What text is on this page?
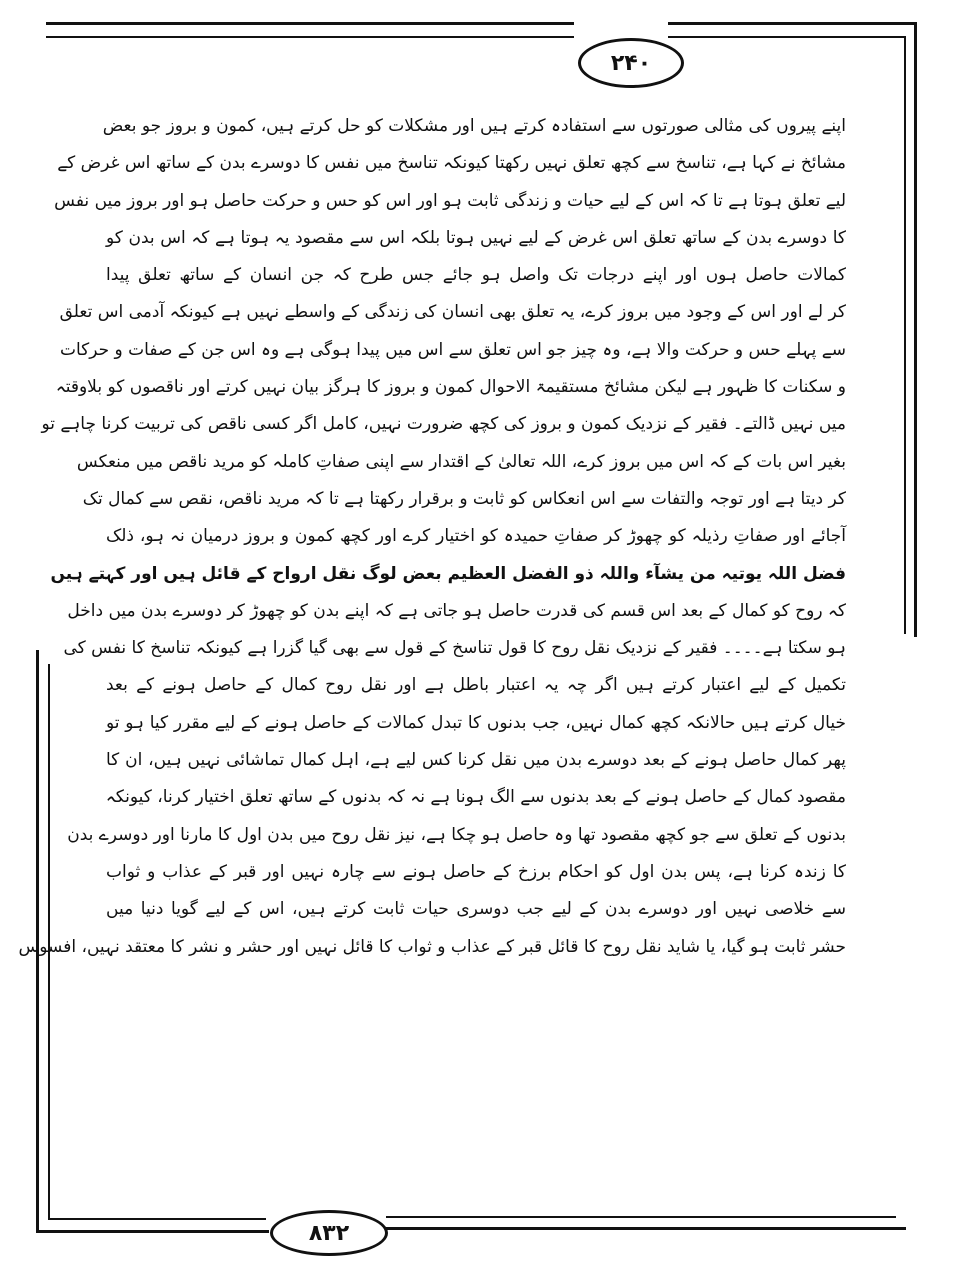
۲۴۰
اپنے پیروں کی مثالی صورتوں سے استفادہ کرتے ہیں اور مشکلات کو حل کرتے ہیں، کمون و بروز جو بعض
مشائخ نے کہا ہے، تناسخ سے کچھ تعلق نہیں رکھتا کیونکہ تناسخ میں نفس کا دوسرے بدن کے ساتھ اس غرض کے
لیے تعلق ہوتا ہے تا کہ اس کے لیے حیات و زندگی ثابت ہو اور اس کو حس و حرکت حاصل ہو اور بروز میں نفس
کا دوسرے بدن کے ساتھ تعلق اس غرض کے لیے نہیں ہوتا بلکہ اس سے مقصود یہ ہوتا ہے کہ اس بدن کو
کمالات حاصل ہوں اور اپنے درجات تک واصل ہو جائے جس طرح کہ جن انسان کے ساتھ تعلق پیدا
کر لے اور اس کے وجود میں بروز کرے، یہ تعلق بھی انسان کی زندگی کے واسطے نہیں ہے کیونکہ آدمی اس تعلق
سے پہلے حس و حرکت والا ہے، وہ چیز جو اس تعلق سے اس میں پیدا ہوگی ہے وہ اس جن کے صفات و حرکات
و سکنات کا ظہور ہے لیکن مشائخ مستقیمۃ الاحوال کمون و بروز کا ہرگز بیان نہیں کرتے اور ناقصوں کو بلاوقتہ
میں نہیں ڈالتے۔ فقیر کے نزدیک کمون و بروز کی کچھ ضرورت نہیں، کامل اگر کسی ناقص کی تربیت کرنا چاہے تو
بغیر اس بات کے کہ اس میں بروز کرے، اللہ تعالیٰ کے اقتدار سے اپنی صفاتِ کاملہ کو مرید ناقص میں منعکس
کر دیتا ہے اور توجہ والتفات سے اس انعکاس کو ثابت و برقرار رکھتا ہے تا کہ مرید ناقص، نقص سے کمال تک
آجائے اور صفاتِ رذیلہ کو چھوڑ کر صفاتِ حمیدہ کو اختیار کرے اور کچھ کمون و بروز درمیان نہ ہو، ذلک
فضل اللہ یوتیہ من یشآء واللہ ذو الفضل العظیم بعض لوگ نقل ارواح کے قائل ہیں اور کہتے ہیں
کہ روح کو کمال کے بعد اس قسم کی قدرت حاصل ہو جاتی ہے کہ اپنے بدن کو چھوڑ کر دوسرے بدن میں داخل
ہو سکتا ہے۔۔۔۔ فقیر کے نزدیک نقل روح کا قول تناسخ کے قول سے بھی گیا گزرا ہے کیونکہ تناسخ کا نفس کی
تکمیل کے لیے اعتبار کرتے ہیں اگر چہ یہ اعتبار باطل ہے اور نقل روح کمال کے حاصل ہونے کے بعد
خیال کرتے ہیں حالانکہ کچھ کمال نہیں، جب بدنوں کا تبدل کمالات کے حاصل ہونے کے لیے مقرر کیا ہو تو
پھر کمال حاصل ہونے کے بعد دوسرے بدن میں نقل کرنا کس لیے ہے، اہل کمال تماشائی نہیں ہیں، ان کا
مقصود کمال کے حاصل ہونے کے بعد بدنوں سے الگ ہونا ہے نہ کہ بدنوں کے ساتھ تعلق اختیار کرنا، کیونکہ
بدنوں کے تعلق سے جو کچھ مقصود تھا وہ حاصل ہو چکا ہے، نیز نقل روح میں بدن اول کا مارنا اور دوسرے بدن
کا زندہ کرنا ہے، پس بدن اول کو احکام برزخ کے حاصل ہونے سے چارہ نہیں اور قبر کے عذاب و ثواب
سے خلاصی نہیں اور دوسرے بدن کے لیے جب دوسری حیات ثابت کرتے ہیں، اس کے لیے گویا دنیا میں
حشر ثابت ہو گیا، یا شاید نقل روح کا قائل قبر کے عذاب و ثواب کا قائل نہیں اور حشر و نشر کا معتقد نہیں، افسوس
۸۳۲
